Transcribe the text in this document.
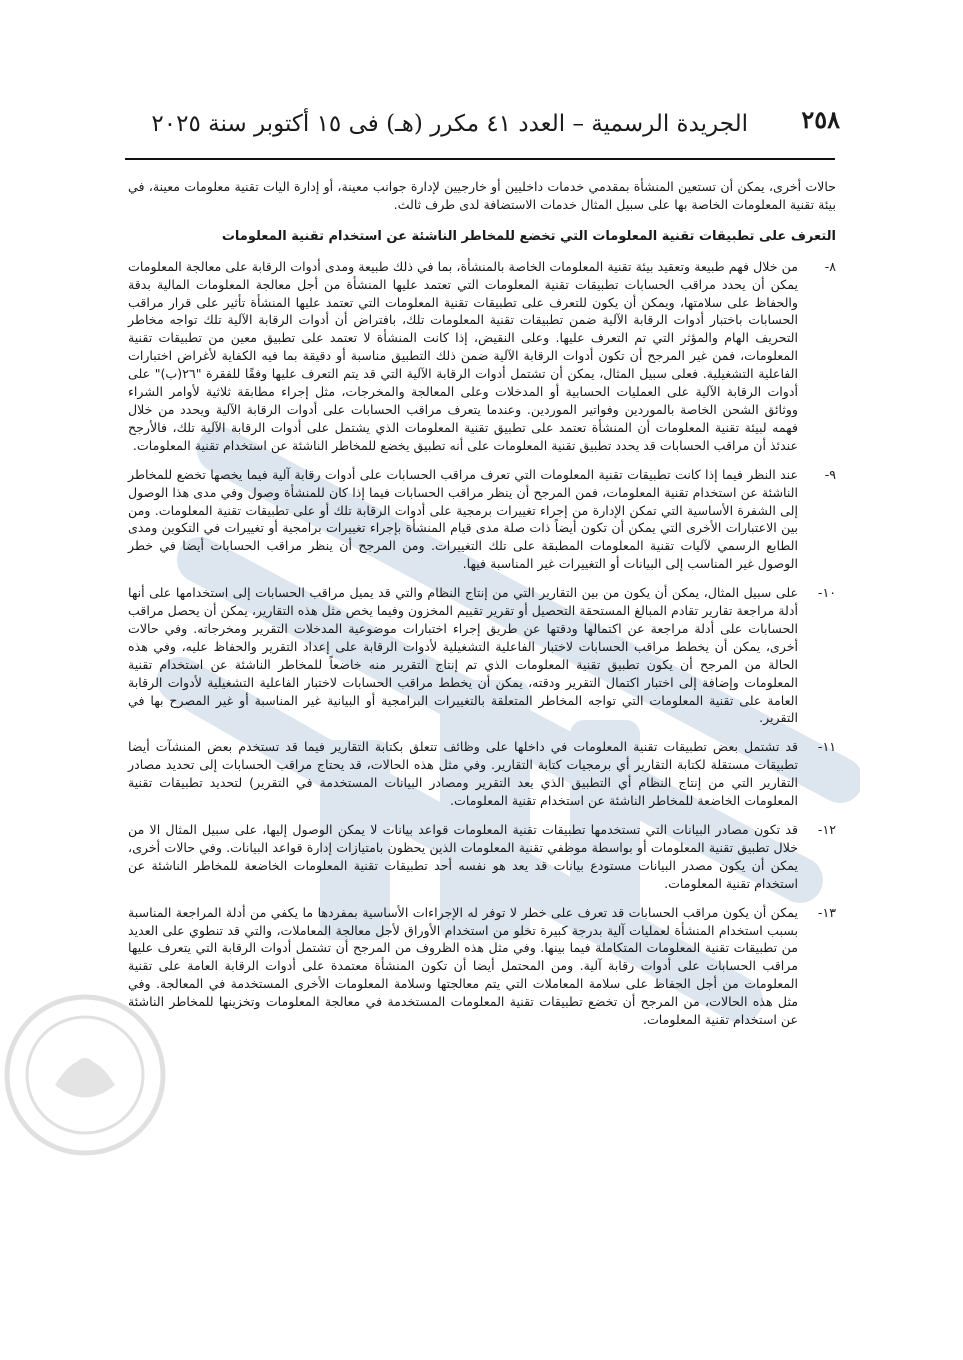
٢٥٨
الجريدة الرسمية – العدد ٤١ مكرر (هـ) فى ١٥ أكتوبر سنة ٢٠٢٥

حالات أخرى، يمكن أن تستعين المنشأة بمقدمي خدمات داخليين أو خارجيين لإدارة جوانب معينة، أو إدارة اليات تقنية معلومات معينة، في بيئة تقنية المعلومات الخاصة بها على سبيل المثال خدمات الاستضافة لدى طرف ثالث.

التعرف على تطبيقات تقنية المعلومات التي تخضع للمخاطر الناشئة عن استخدام تقنية المعلومات
٨-

من خلال فهم طبيعة وتعقيد بيئة تقنية المعلومات الخاصة بالمنشأة، بما في ذلك طبيعة ومدى أدوات الرقابة على معالجة المعلومات يمكن أن يحدد مراقب الحسابات تطبيقات تقنية المعلومات التي تعتمد عليها المنشأة من أجل معالجة المعلومات المالية بدقة والحفاظ على سلامتها، ويمكن أن يكون للتعرف على تطبيقات تقنية المعلومات التي تعتمد عليها المنشأة تأثير على قرار مراقب الحسابات باختبار أدوات الرقابة الآلية ضمن تطبيقات تقنية المعلومات تلك، بافتراض أن أدوات الرقابة الآلية تلك تواجه مخاطر التحريف الهام والمؤثر التي تم التعرف عليها. وعلى النقيض، إذا كانت المنشأة لا تعتمد على تطبيق معين من تطبيقات تقنية المعلومات، فمن غير المرجح أن تكون أدوات الرقابة الآلية ضمن ذلك التطبيق مناسبة أو دقيقة بما فيه الكفاية لأغراض اختبارات الفاعلية التشغيلية. فعلى سبيل المثال، يمكن أن تشتمل أدوات الرقابة الآلية التي قد يتم التعرف عليها وفقًا للفقرة "٢٦(ب)" على أدوات الرقابة الآلية على العمليات الحسابية أو المدخلات وعلى المعالجة والمخرجات، مثل إجراء مطابقة ثلاثية لأوامر الشراء ووثائق الشحن الخاصة بالموردين وفواتير الموردين. وعندما يتعرف مراقب الحسابات على أدوات الرقابة الآلية ويحدد من خلال فهمه لبيئة تقنية المعلومات أن المنشأة تعتمد على تطبيق تقنية المعلومات الذي يشتمل على أدوات الرقابة الآلية تلك، فالأرجح عندئذ أن مراقب الحسابات قد يحدد تطبيق تقنية المعلومات على أنه تطبيق يخضع للمخاطر الناشئة عن استخدام تقنية المعلومات.

٩-

عند النظر فيما إذا كانت تطبيقات تقنية المعلومات التي تعرف مراقب الحسابات على أدوات رقابة آلية فيما يخصها تخضع للمخاطر الناشئة عن استخدام تقنية المعلومات، فمن المرجح أن ينظر مراقب الحسابات فيما إذا كان للمنشأة وصول وفي مدى هذا الوصول إلى الشفرة الأساسية التي تمكن الإدارة من إجراء تغييرات برمجية على أدوات الرقابة تلك أو على تطبيقات تقنية المعلومات. ومن بين الاعتبارات الأخرى التي يمكن أن تكون أيضاً ذات صلة مدى قيام المنشأة بإجراء تغييرات برامجية أو تغييرات في التكوين ومدى الطابع الرسمي لآليات تقنية المعلومات المطبقة على تلك التغييرات. ومن المرجح أن ينظر مراقب الحسابات أيضا في خطر الوصول غير المناسب إلى البيانات أو التغييرات غير المناسبة فيها.

١٠-

على سبيل المثال، يمكن أن يكون من بين التقارير التي من إنتاج النظام والتي قد يميل مراقب الحسابات إلى استخدامها على أنها أدلة مراجعة تقارير تقادم المبالغ المستحقة التحصيل أو تقرير تقييم المخزون وفيما يخص مثل هذه التقارير، يمكن أن يحصل مراقب الحسابات على أدلة مراجعة عن اكتمالها ودقتها عن طريق إجراء اختبارات موضوعية المدخلات التقرير ومخرجاته. وفي حالات أخرى، يمكن أن يخطط مراقب الحسابات لاختبار الفاعلية التشغيلية لأدوات الرقابة على إعداد التقرير والحفاظ عليه، وفي هذه الحالة من المرجح أن يكون تطبيق تقنية المعلومات الذي تم إنتاج التقرير منه خاضعاً للمخاطر الناشئة عن استخدام تقنية المعلومات وإضافة إلى اختبار اكتمال التقرير ودقته، يمكن أن يخطط مراقب الحسابات لاختبار الفاعلية التشغيلية لأدوات الرقابة العامة على تقنية المعلومات التي تواجه المخاطر المتعلقة بالتغييرات البرامجية أو البيانية غير المناسبة أو غير المصرح بها في التقرير.

١١-

قد تشتمل بعض تطبيقات تقنية المعلومات في داخلها على وظائف تتعلق بكتابة التقارير فيما قد تستخدم بعض المنشآت أيضا تطبيقات مستقلة لكتابة التقارير أي برمجيات كتابة التقارير. وفي مثل هذه الحالات، قد يحتاج مراقب الحسابات إلى تحديد مصادر التقارير التي من إنتاج النظام أي التطبيق الذي يعد التقرير ومصادر البيانات المستخدمة في التقرير) لتحديد تطبيقات تقنية المعلومات الخاضعة للمخاطر الناشئة عن استخدام تقنية المعلومات.

١٢-

قد تكون مصادر البيانات التي تستخدمها تطبيقات تقنية المعلومات قواعد بيانات لا يمكن الوصول إليها، على سبيل المثال الا من خلال تطبيق تقنية المعلومات أو بواسطة موظفي تقنية المعلومات الذين يحظون بامتيازات إدارة قواعد البيانات. وفي حالات أخرى، يمكن أن يكون مصدر البيانات مستودع بيانات قد يعد هو نفسه أحد تطبيقات تقنية المعلومات الخاضعة للمخاطر الناشئة عن استخدام تقنية المعلومات.

١٣-

يمكن أن يكون مراقب الحسابات قد تعرف على خطر لا توفر له الإجراءات الأساسية بمفردها ما يكفي من أدلة المراجعة المناسبة بسبب استخدام المنشأة لعمليات آلية بدرجة كبيرة تخلو من استخدام الأوراق لأجل معالجة المعاملات، والتي قد تنطوي على العديد من تطبيقات تقنية المعلومات المتكاملة فيما بينها. وفي مثل هذه الظروف من المرجح أن تشتمل أدوات الرقابة التي يتعرف عليها مراقب الحسابات على أدوات رقابة آلية. ومن المحتمل أيضا أن تكون المنشأة معتمدة على أدوات الرقابة العامة على تقنية المعلومات من أجل الحفاظ على سلامة المعاملات التي يتم معالجتها وسلامة المعلومات الأخرى المستخدمة في المعالجة. وفي مثل هذه الحالات، من المرجح أن تخضع تطبيقات تقنية المعلومات المستخدمة في معالجة المعلومات وتخزينها للمخاطر الناشئة عن استخدام تقنية المعلومات.
